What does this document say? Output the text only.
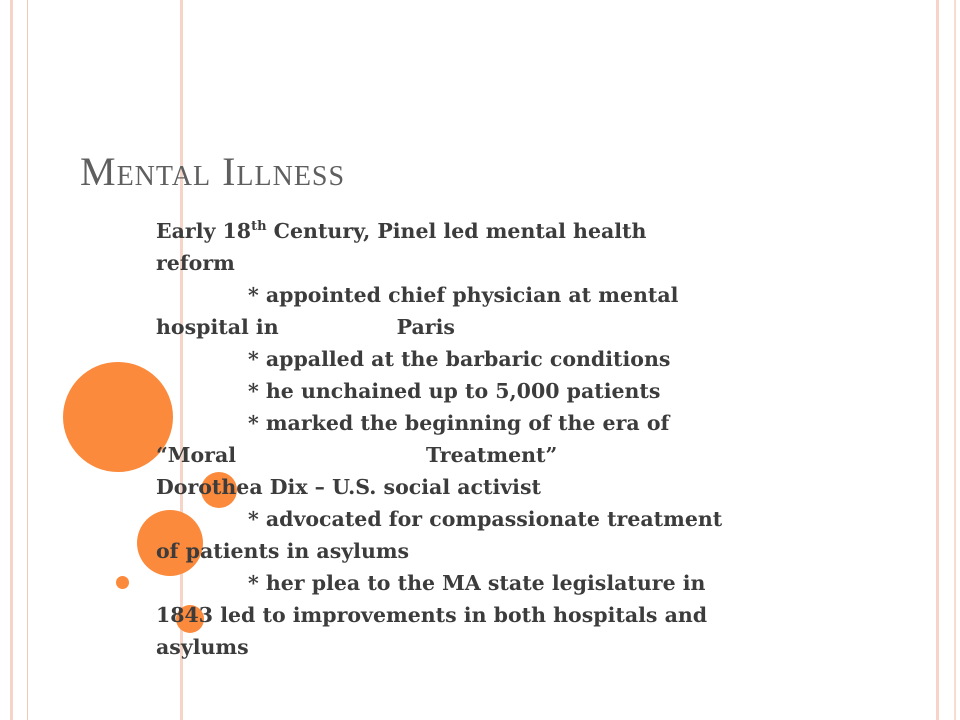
Mental Illness
Early 18th Century, Pinel led mental health
reform
* appointed chief physician at mental
hospital in	Paris
* appalled at the barbaric conditions
* he unchained up to 5,000 patients
* marked the beginning of the era of
“Moral	Treatment”
Dorothea Dix – U.S. social activist
* advocated for compassionate treatment
of patients in asylums
* her plea to the MA state legislature in
1843 led to improvements in both hospitals and
asylums
